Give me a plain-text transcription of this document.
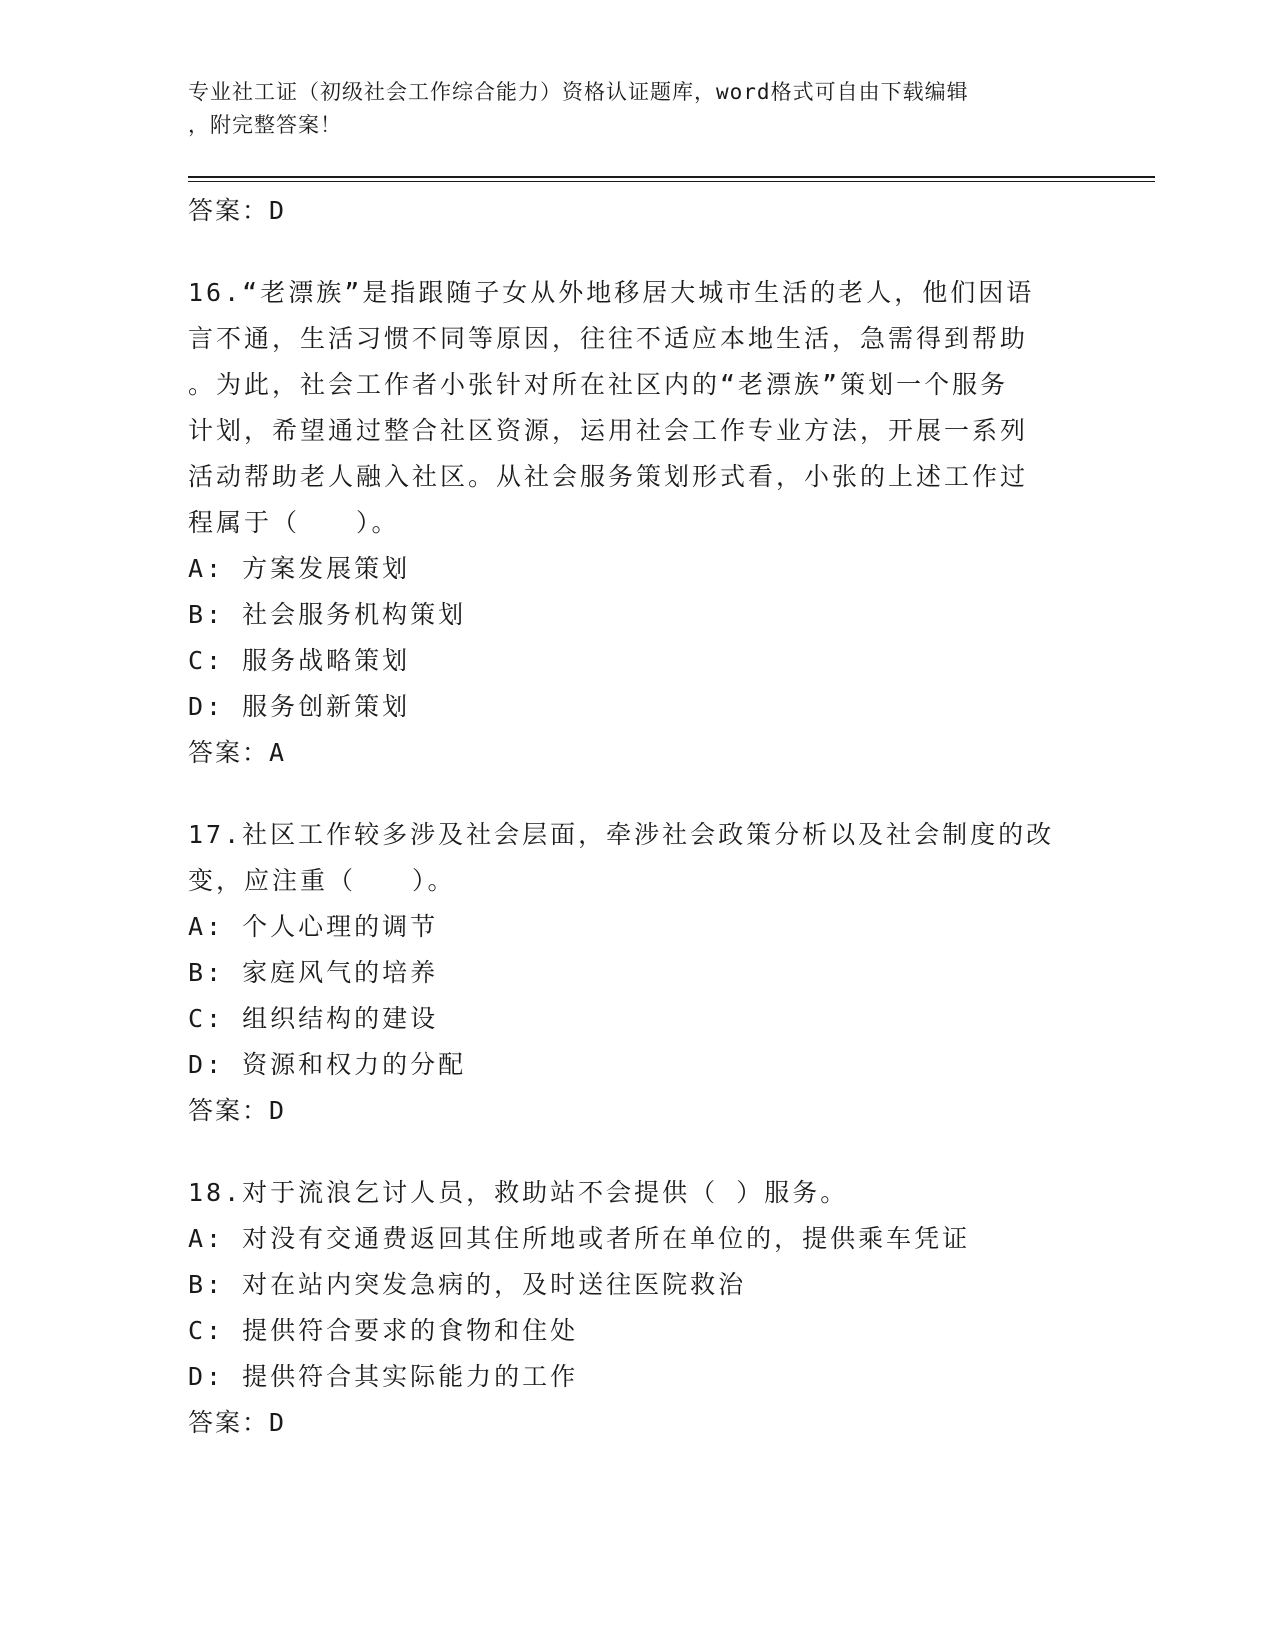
专业社工证（初级社会工作综合能力）资格认证题库，word格式可自由下载编辑
，附完整答案！
答案：D
16.“老漂族”是指跟随子女从外地移居大城市生活的老人，他们因语
言不通，生活习惯不同等原因，往往不适应本地生活，急需得到帮助
。为此，社会工作者小张针对所在社区内的“老漂族”策划一个服务
计划，希望通过整合社区资源，运用社会工作专业方法，开展一系列
活动帮助老人融入社区。从社会服务策划形式看，小张的上述工作过
程属于（　　）。
A: 方案发展策划
B: 社会服务机构策划
C: 服务战略策划
D: 服务创新策划
答案：A
17.社区工作较多涉及社会层面，牵涉社会政策分析以及社会制度的改
变，应注重（　　）。
A: 个人心理的调节
B: 家庭风气的培养
C: 组织结构的建设
D: 资源和权力的分配
答案：D
18.对于流浪乞讨人员，救助站不会提供（ ）服务。
A: 对没有交通费返回其住所地或者所在单位的，提供乘车凭证
B: 对在站内突发急病的，及时送往医院救治
C: 提供符合要求的食物和住处
D: 提供符合其实际能力的工作
答案：D
